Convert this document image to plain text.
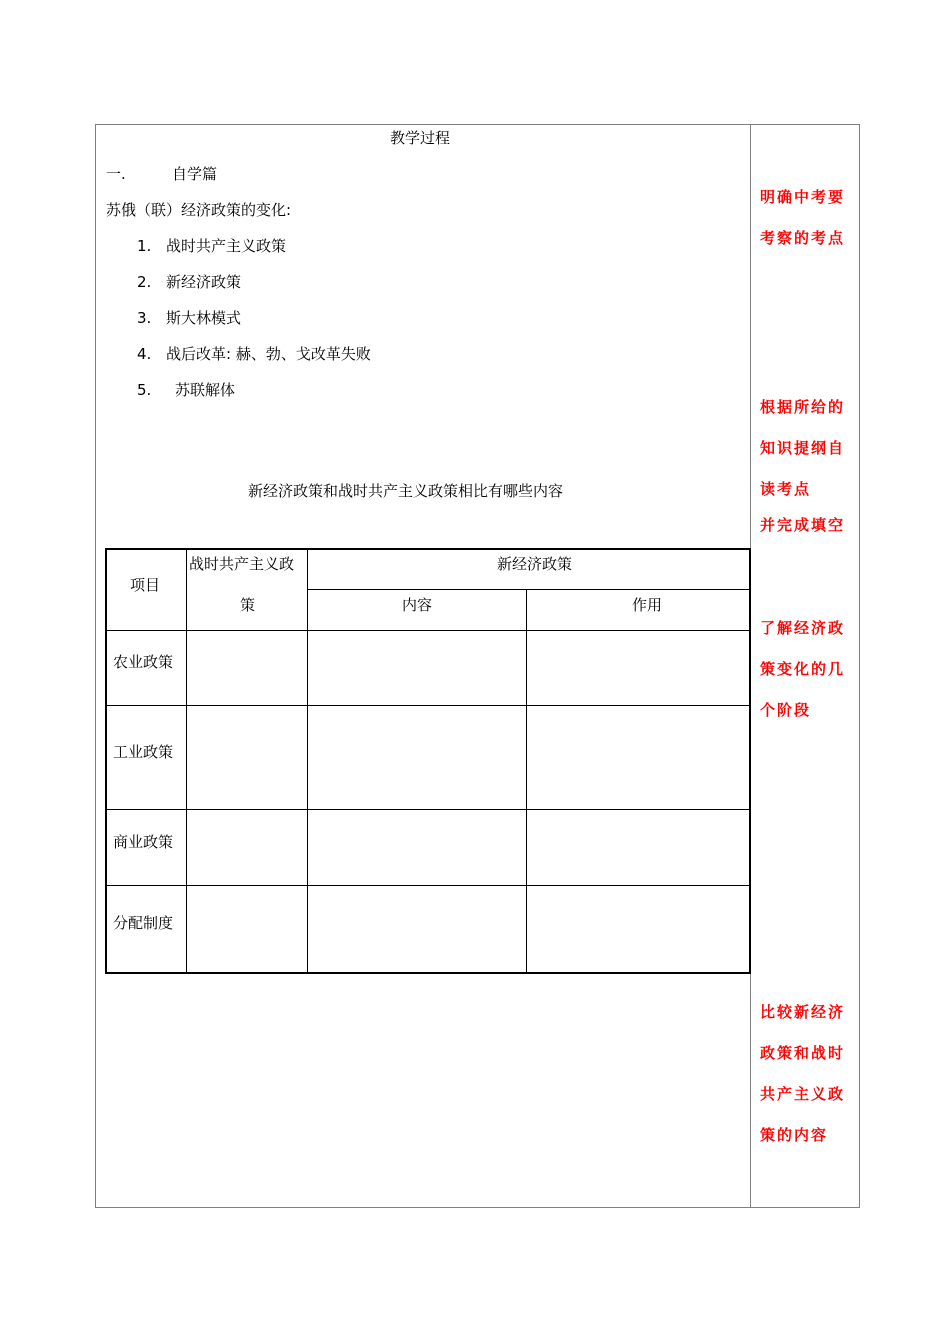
教学过程
一.	自学篇
苏俄（联）经济政策的变化:
1. 战时共产主义政策
2. 新经济政策
3. 斯大林模式
4. 战后改革: 赫、勃、戈改革失败
5. 苏联解体
新经济政策和战时共产主义政策相比有哪些内容
项目
战时共产主义政
策
新经济政策
内容	作用
农业政策
工业政策
商业政策
分配制度
明确中考要
考察的考点
根据所给的
知识提纲自
读考点
并完成填空
了解经济政
策变化的几
个阶段
比较新经济
政策和战时
共产主义政
策的内容
